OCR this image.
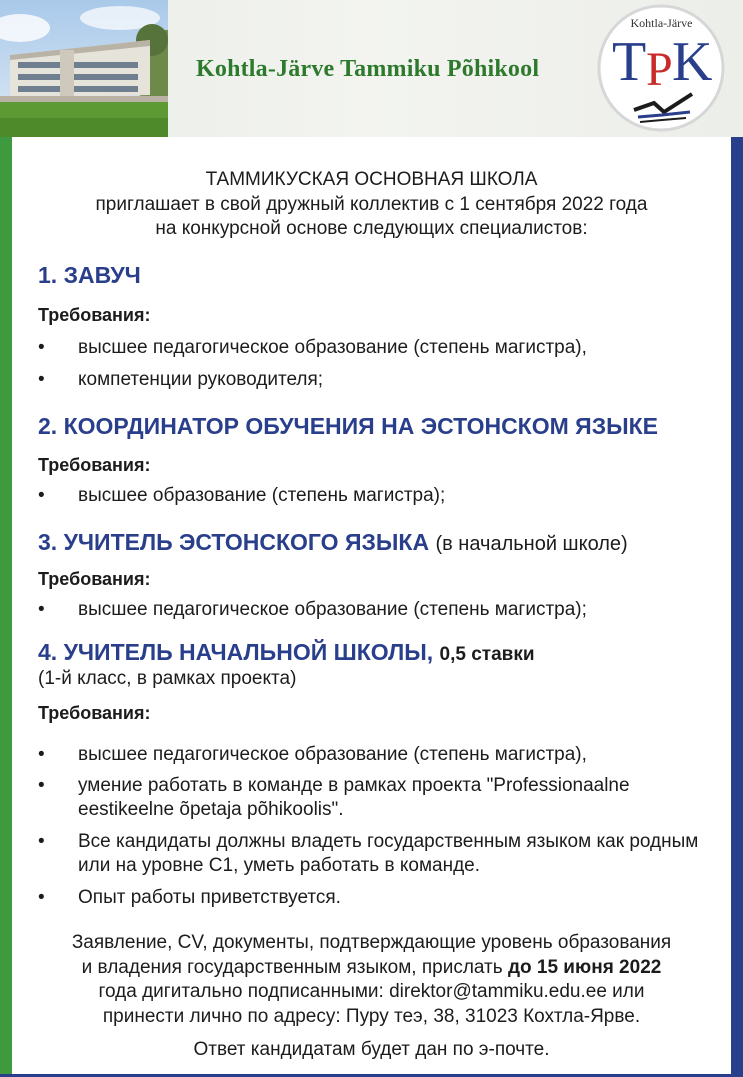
Kohtla-Järve Tammiku Põhikool
Kohtla-Järve
T Р K
ТАММИКУСКАЯ ОСНОВНАЯ ШКОЛА
приглашает в свой дружный коллектив с 1 сентября 2022 года
на конкурсной основе следующих специалистов:
1. ЗАВУЧ
Требования:
• высшее педагогическое образование (степень магистра),
• компетенции руководителя;
2. КООРДИНАТОР ОБУЧЕНИЯ НА ЭСТОНСКОМ ЯЗЫКЕ
Требования:
• высшее образование (степень магистра);
3. УЧИТЕЛЬ ЭСТОНСКОГО ЯЗЫКА (в начальной школе)
Требования:
• высшее педагогическое образование (степень магистра);
4. УЧИТЕЛЬ НАЧАЛЬНОЙ ШКОЛЫ, 0,5 ставки
(1-й класс, в рамках проекта)
Требования:
• высшее педагогическое образование (степень магистра),
• умение работать в команде в рамках проекта "Professionaalne eestikeelne õpetaja põhikoolis".
• Все кандидаты должны владеть государственным языком как родным или на уровне C1, уметь работать в команде.
• Опыт работы приветствуется.
Заявление, CV, документы, подтверждающие уровень образования
и владения государственным языком, прислать до 15 июня 2022
года дигитально подписанными: direktor@tammiku.edu.ee или
принести лично по адресу: Пуру теэ, 38, 31023 Кохтла-Ярве.
Ответ кандидатам будет дан по э-почте.
